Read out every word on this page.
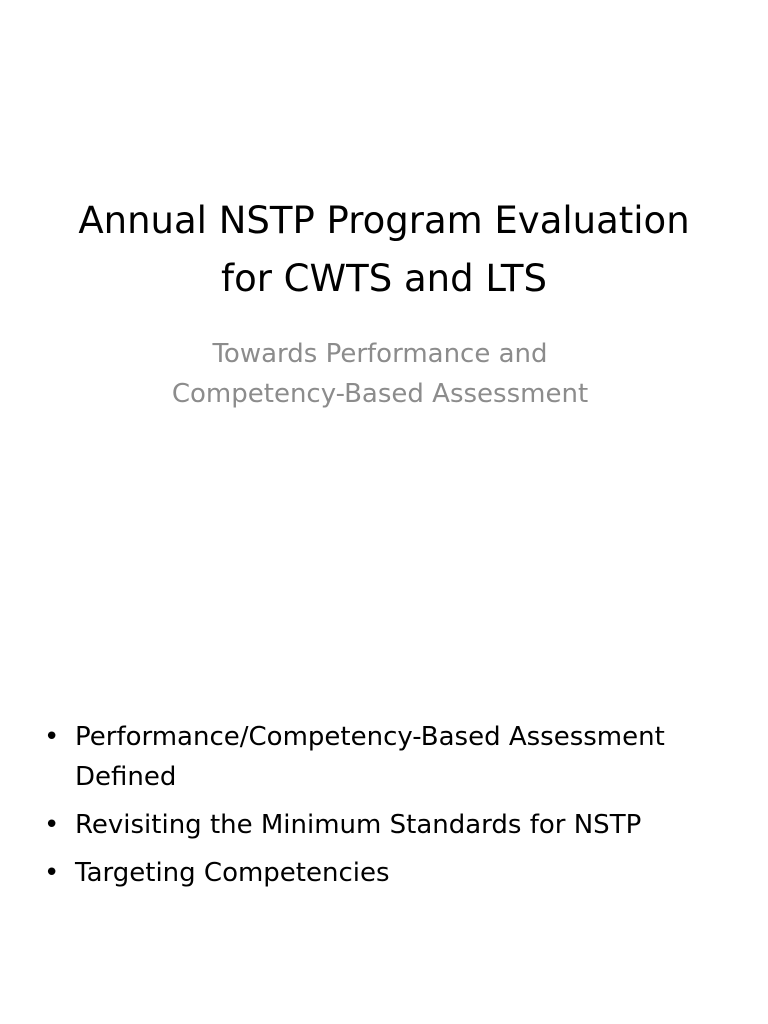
Annual NSTP Program Evaluation
for CWTS and LTS
Towards Performance and
Competency-Based Assessment
• Performance/Competency-Based Assessment
Defined
• Revisiting the Minimum Standards for NSTP
• Targeting Competencies
